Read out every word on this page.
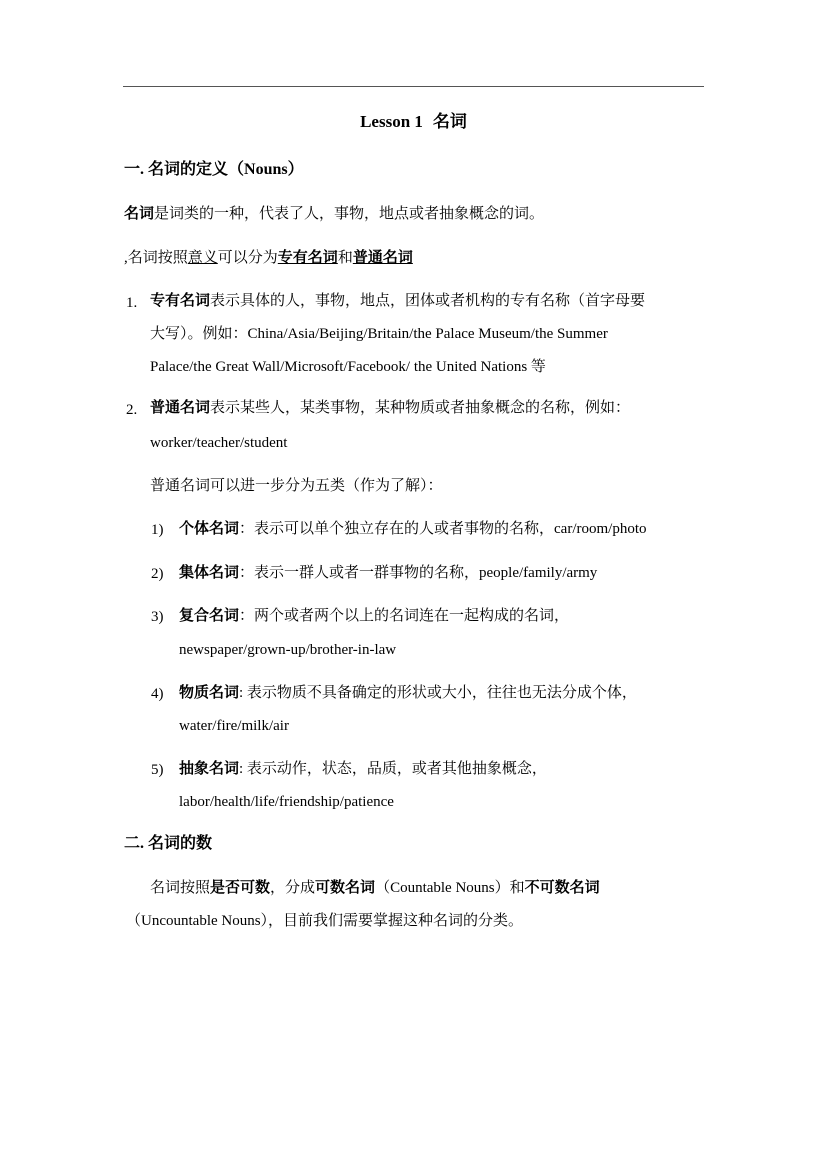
Lesson 1 名词
一. 名词的定义（Nouns）
名词是词类的一种，代表了人，事物，地点或者抽象概念的词。
,名词按照意义可以分为专有名词和普通名词
1. 专有名词表示具体的人，事物，地点，团体或者机构的专有名称（首字母要
大写）。例如：China/Asia/Beijing/Britain/the Palace Museum/the Summer
Palace/the Great Wall/Microsoft/Facebook/ the United Nations 等
2. 普通名词表示某些人，某类事物，某种物质或者抽象概念的名称，例如：
worker/teacher/student
普通名词可以进一步分为五类（作为了解）：
1) 个体名词：表示可以单个独立存在的人或者事物的名称，car/room/photo
2) 集体名词：表示一群人或者一群事物的名称，people/family/army
3) 复合名词：两个或者两个以上的名词连在一起构成的名词，
newspaper/grown-up/brother-in-law
4) 物质名词: 表示物质不具备确定的形状或大小，往往也无法分成个体，
water/fire/milk/air
5) 抽象名词: 表示动作，状态，品质，或者其他抽象概念，
labor/health/life/friendship/patience
二. 名词的数
名词按照是否可数，分成可数名词（Countable Nouns）和不可数名词
（Uncountable Nouns），目前我们需要掌握这种名词的分类。
